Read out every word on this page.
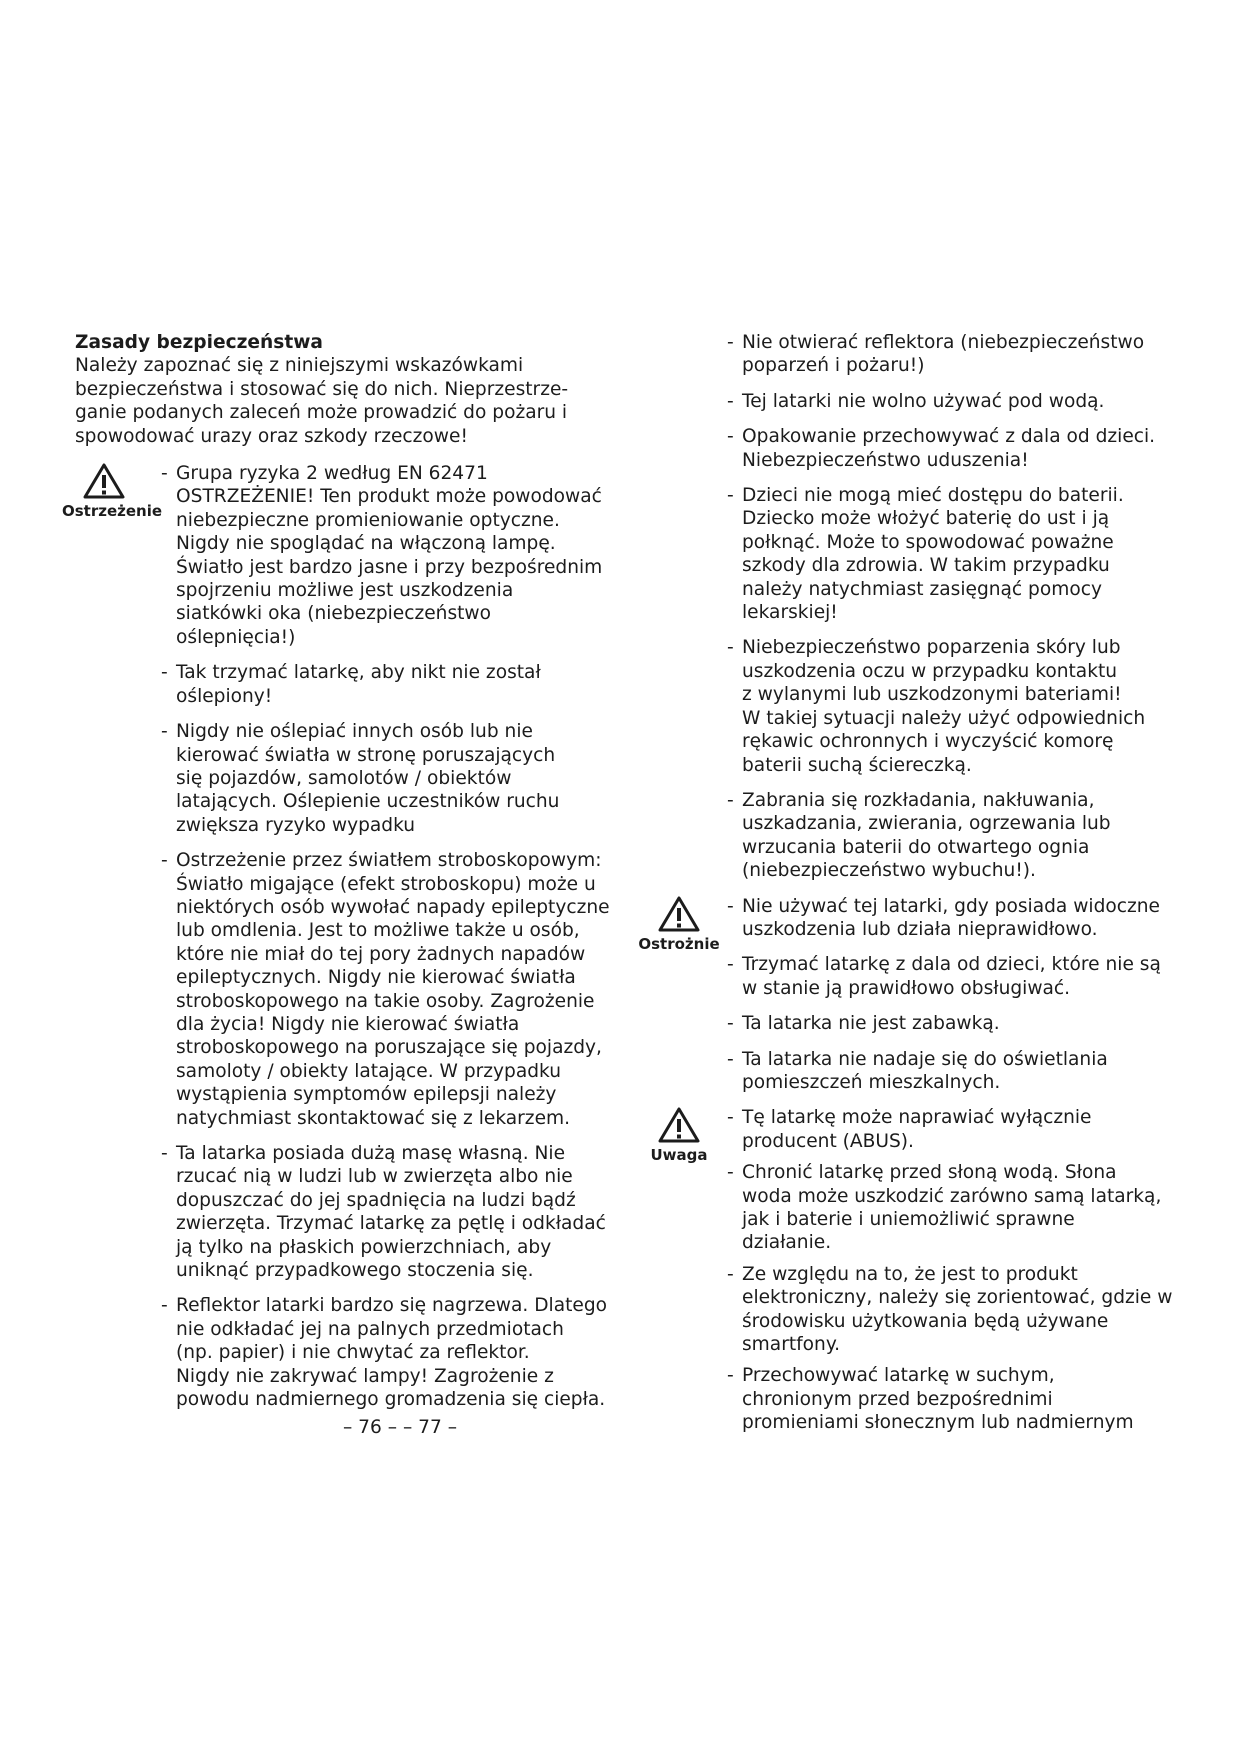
Zasady bezpieczeństwa
Należy zapoznać się z niniejszymi wskazówkami
bezpieczeństwa i stosować się do nich. Nieprzestrze-
ganie podanych zaleceń może prowadzić do pożaru i
spowodować urazy oraz szkody rzeczowe!
Ostrzeżenie
- Grupa ryzyka 2 według EN 62471
OSTRZEŻENIE! Ten produkt może powodować
niebezpieczne promieniowanie optyczne.
Nigdy nie spoglądać na włączoną lampę.
Światło jest bardzo jasne i przy bezpośrednim
spojrzeniu możliwe jest uszkodzenia
siatkówki oka (niebezpieczeństwo
oślepnięcia!)
- Tak trzymać latarkę, aby nikt nie został
oślepiony!
- Nigdy nie oślepiać innych osób lub nie
kierować światła w stronę poruszających
się pojazdów, samolotów / obiektów
latających. Oślepienie uczestników ruchu
zwiększa ryzyko wypadku
- Ostrzeżenie przez światłem stroboskopowym:
Światło migające (efekt stroboskopu) może u
niektórych osób wywołać napady epileptyczne
lub omdlenia. Jest to możliwe także u osób,
które nie miał do tej pory żadnych napadów
epileptycznych. Nigdy nie kierować światła
stroboskopowego na takie osoby. Zagrożenie
dla życia! Nigdy nie kierować światła
stroboskopowego na poruszające się pojazdy,
samoloty / obiekty latające. W przypadku
wystąpienia symptomów epilepsji należy
natychmiast skontaktować się z lekarzem.
- Ta latarka posiada dużą masę własną. Nie
rzucać nią w ludzi lub w zwierzęta albo nie
dopuszczać do jej spadnięcia na ludzi bądź
zwierzęta. Trzymać latarkę za pętlę i odkładać
ją tylko na płaskich powierzchniach, aby
uniknąć przypadkowego stoczenia się.
- Reflektor latarki bardzo się nagrzewa. Dlatego
nie odkładać jej na palnych przedmiotach
(np. papier) i nie chwytać za reflektor.
Nigdy nie zakrywać lampy! Zagrożenie z
powodu nadmiernego gromadzenia się ciepła.
- Nie otwierać reflektora (niebezpieczeństwo
poparzeń i pożaru!)
- Tej latarki nie wolno używać pod wodą.
- Opakowanie przechowywać z dala od dzieci.
Niebezpieczeństwo uduszenia!
- Dzieci nie mogą mieć dostępu do baterii.
Dziecko może włożyć baterię do ust i ją
połknąć. Może to spowodować poważne
szkody dla zdrowia. W takim przypadku
należy natychmiast zasięgnąć pomocy
lekarskiej!
- Niebezpieczeństwo poparzenia skóry lub
uszkodzenia oczu w przypadku kontaktu
z wylanymi lub uszkodzonymi bateriami!
W takiej sytuacji należy użyć odpowiednich
rękawic ochronnych i wyczyścić komorę
baterii suchą ściereczką.
- Zabrania się rozkładania, nakłuwania,
uszkadzania, zwierania, ogrzewania lub
wrzucania baterii do otwartego ognia
(niebezpieczeństwo wybuchu!).
Ostrożnie
- Nie używać tej latarki, gdy posiada widoczne
uszkodzenia lub działa nieprawidłowo.
- Trzymać latarkę z dala od dzieci, które nie są
w stanie ją prawidłowo obsługiwać.
- Ta latarka nie jest zabawką.
- Ta latarka nie nadaje się do oświetlania
pomieszczeń mieszkalnych.
Uwaga
- Tę latarkę może naprawiać wyłącznie
producent (ABUS).
- Chronić latarkę przed słoną wodą. Słona
woda może uszkodzić zarówno samą latarką,
jak i baterie i uniemożliwić sprawne
działanie.
- Ze względu na to, że jest to produkt
elektroniczny, należy się zorientować, gdzie w
środowisku użytkowania będą używane
smartfony.
- Przechowywać latarkę w suchym,
chronionym przed bezpośrednimi
promieniami słonecznym lub nadmiernym
– 76 – – 77 –
